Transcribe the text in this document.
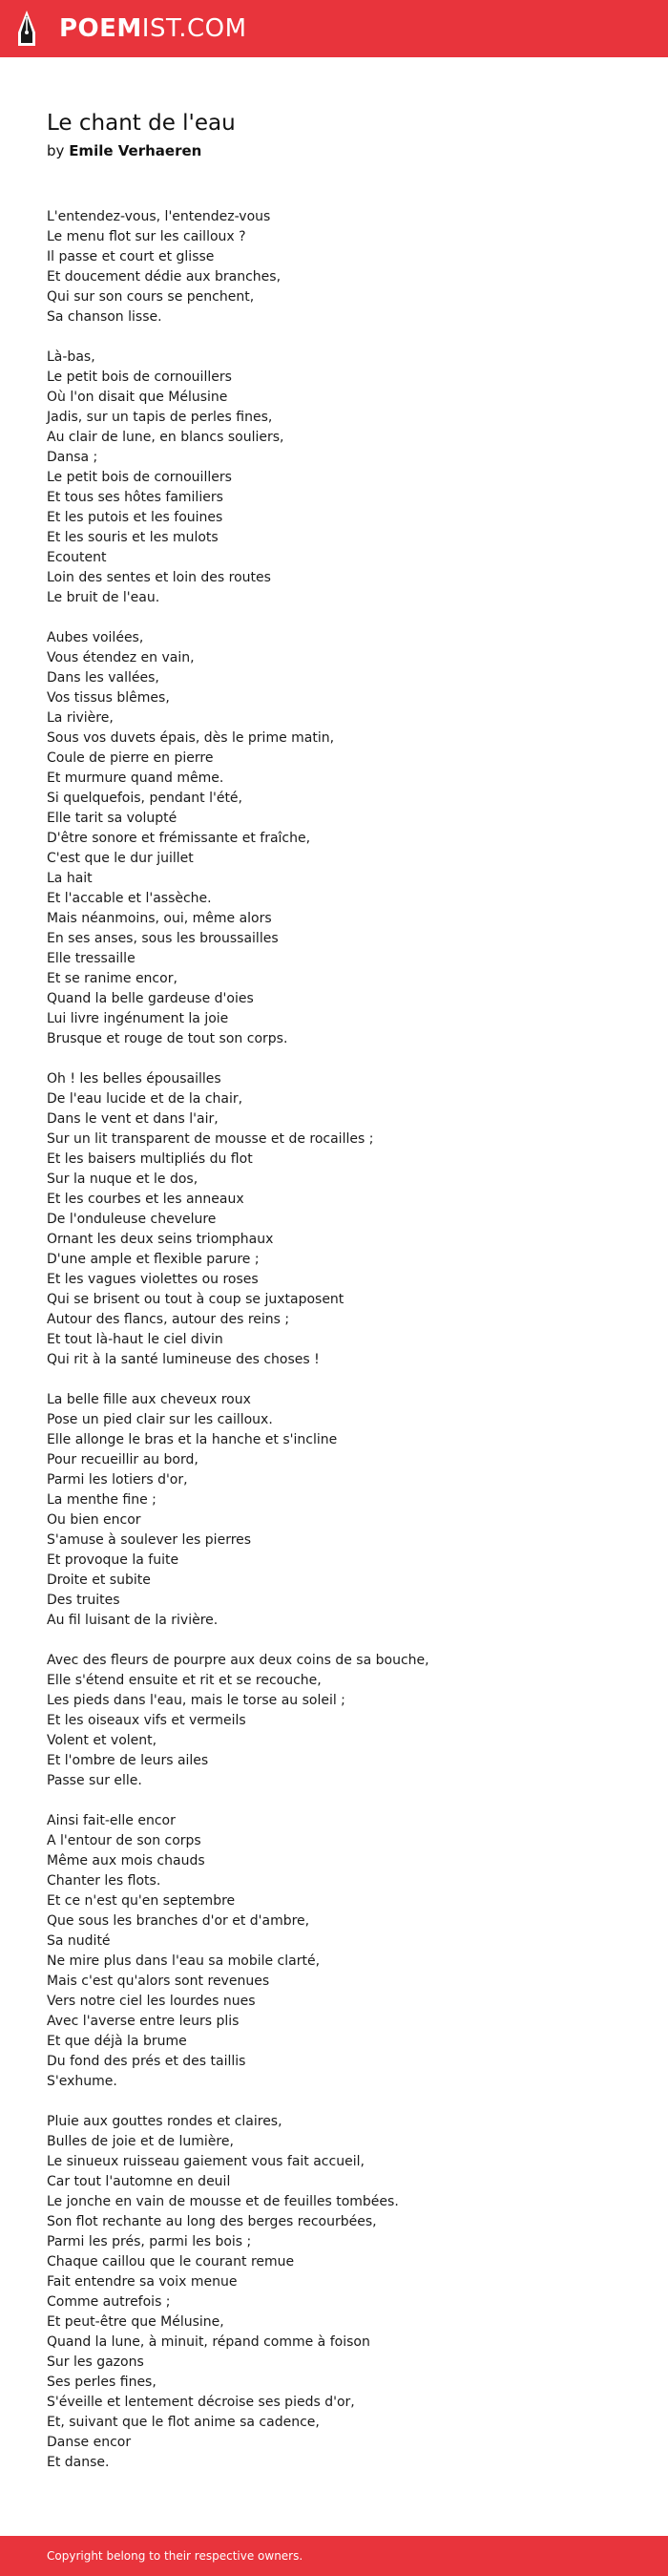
POEMIST.COM
Le chant de l'eau
by Emile Verhaeren
L'entendez-vous, l'entendez-vous
Le menu flot sur les cailloux ?
Il passe et court et glisse
Et doucement dédie aux branches,
Qui sur son cours se penchent,
Sa chanson lisse.
Là-bas,
Le petit bois de cornouillers
Où l'on disait que Mélusine
Jadis, sur un tapis de perles fines,
Au clair de lune, en blancs souliers,
Dansa ;
Le petit bois de cornouillers
Et tous ses hôtes familiers
Et les putois et les fouines
Et les souris et les mulots
Ecoutent
Loin des sentes et loin des routes
Le bruit de l'eau.
Aubes voilées,
Vous étendez en vain,
Dans les vallées,
Vos tissus blêmes,
La rivière,
Sous vos duvets épais, dès le prime matin,
Coule de pierre en pierre
Et murmure quand même.
Si quelquefois, pendant l'été,
Elle tarit sa volupté
D'être sonore et frémissante et fraîche,
C'est que le dur juillet
La hait
Et l'accable et l'assèche.
Mais néanmoins, oui, même alors
En ses anses, sous les broussailles
Elle tressaille
Et se ranime encor,
Quand la belle gardeuse d'oies
Lui livre ingénument la joie
Brusque et rouge de tout son corps.
Oh ! les belles épousailles
De l'eau lucide et de la chair,
Dans le vent et dans l'air,
Sur un lit transparent de mousse et de rocailles ;
Et les baisers multipliés du flot
Sur la nuque et le dos,
Et les courbes et les anneaux
De l'onduleuse chevelure
Ornant les deux seins triomphaux
D'une ample et flexible parure ;
Et les vagues violettes ou roses
Qui se brisent ou tout à coup se juxtaposent
Autour des flancs, autour des reins ;
Et tout là-haut le ciel divin
Qui rit à la santé lumineuse des choses !
La belle fille aux cheveux roux
Pose un pied clair sur les cailloux.
Elle allonge le bras et la hanche et s'incline
Pour recueillir au bord,
Parmi les lotiers d'or,
La menthe fine ;
Ou bien encor
S'amuse à soulever les pierres
Et provoque la fuite
Droite et subite
Des truites
Au fil luisant de la rivière.
Avec des fleurs de pourpre aux deux coins de sa bouche,
Elle s'étend ensuite et rit et se recouche,
Les pieds dans l'eau, mais le torse au soleil ;
Et les oiseaux vifs et vermeils
Volent et volent,
Et l'ombre de leurs ailes
Passe sur elle.
Ainsi fait-elle encor
A l'entour de son corps
Même aux mois chauds
Chanter les flots.
Et ce n'est qu'en septembre
Que sous les branches d'or et d'ambre,
Sa nudité
Ne mire plus dans l'eau sa mobile clarté,
Mais c'est qu'alors sont revenues
Vers notre ciel les lourdes nues
Avec l'averse entre leurs plis
Et que déjà la brume
Du fond des prés et des taillis
S'exhume.
Pluie aux gouttes rondes et claires,
Bulles de joie et de lumière,
Le sinueux ruisseau gaiement vous fait accueil,
Car tout l'automne en deuil
Le jonche en vain de mousse et de feuilles tombées.
Son flot rechante au long des berges recourbées,
Parmi les prés, parmi les bois ;
Chaque caillou que le courant remue
Fait entendre sa voix menue
Comme autrefois ;
Et peut-être que Mélusine,
Quand la lune, à minuit, répand comme à foison
Sur les gazons
Ses perles fines,
S'éveille et lentement décroise ses pieds d'or,
Et, suivant que le flot anime sa cadence,
Danse encor
Et danse.
Copyright belong to their respective owners.
